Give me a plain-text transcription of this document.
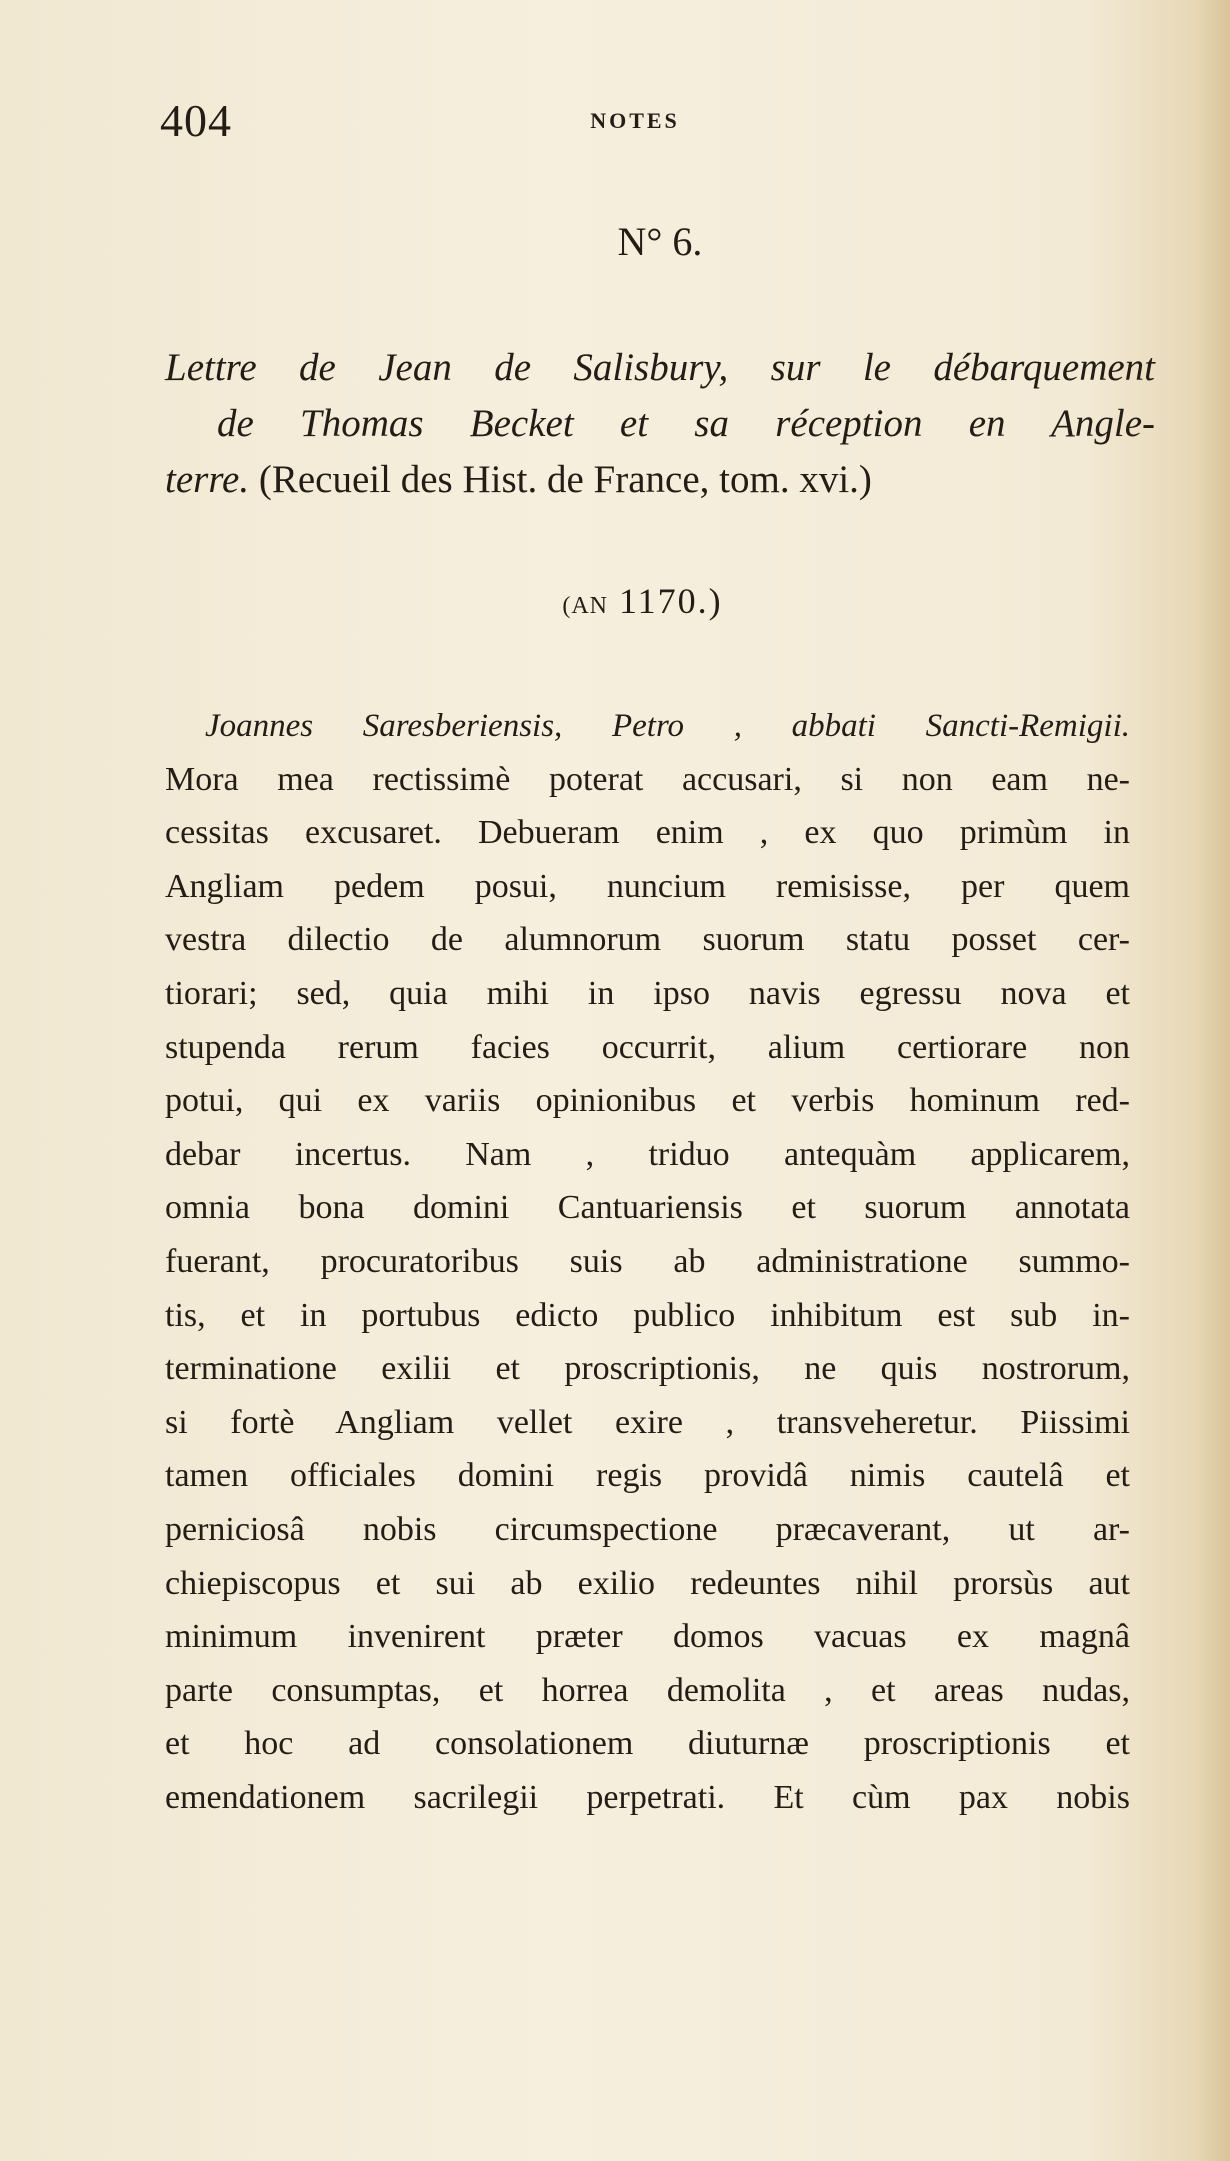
404	NOTES
N° 6.
Lettre de Jean de Salisbury, sur le débarquement
de Thomas Becket et sa réception en Angle-
terre. (Recueil des Hist. de France, tom. xvi.)
(AN 1170.)
Joannes Saresberiensis, Petro , abbati Sancti-Remigii.
Mora mea rectissimè poterat accusari, si non eam ne-
cessitas excusaret. Debueram enim , ex quo primùm in
Angliam pedem posui, nuncium remisisse, per quem
vestra dilectio de alumnorum suorum statu posset cer-
tiorari; sed, quia mihi in ipso navis egressu nova et
stupenda rerum facies occurrit, alium certiorare non
potui, qui ex variis opinionibus et verbis hominum red-
debar incertus. Nam , triduo antequàm applicarem,
omnia bona domini Cantuariensis et suorum annotata
fuerant, procuratoribus suis ab administratione summo-
tis, et in portubus edicto publico inhibitum est sub in-
terminatione exilii et proscriptionis, ne quis nostrorum,
si fortè Angliam vellet exire , transveheretur. Piissimi
tamen officiales domini regis providâ nimis cautelâ et
perniciosâ nobis circumspectione præcaverant, ut ar-
chiepiscopus et sui ab exilio redeuntes nihil prorsùs aut
minimum invenirent præter domos vacuas ex magnâ
parte consumptas, et horrea demolita , et areas nudas,
et hoc ad consolationem diuturnæ proscriptionis et
emendationem sacrilegii perpetrati. Et cùm pax nobis
